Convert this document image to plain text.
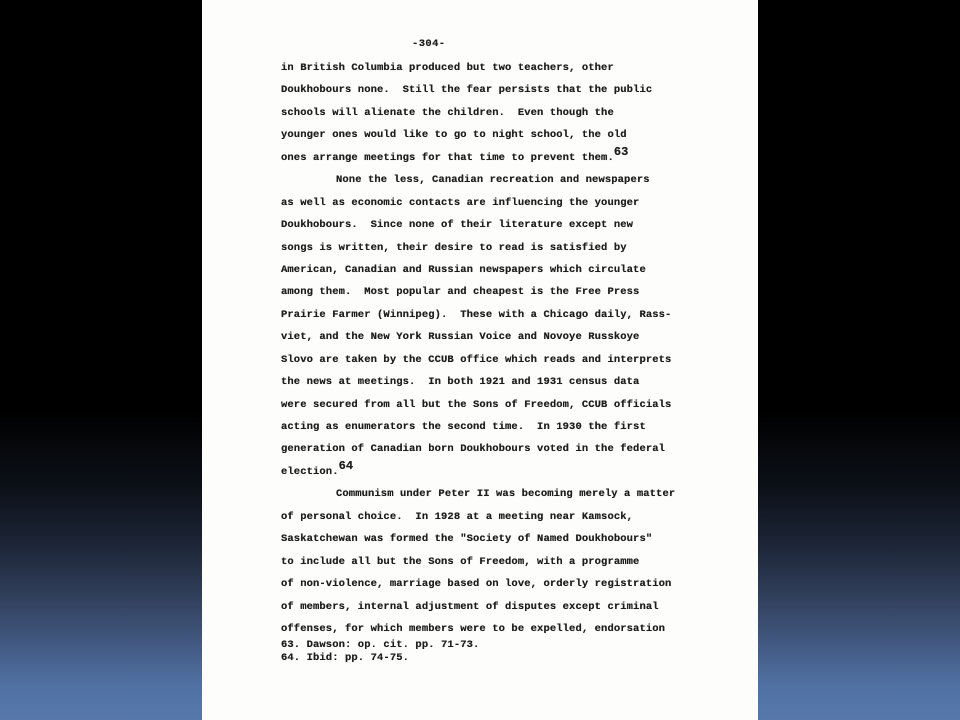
-304-
in British Columbia produced but two teachers, other
Doukhobours none.  Still the fear persists that the public
schools will alienate the children.  Even though the
younger ones would like to go to night school, the old
ones arrange meetings for that time to prevent them.63
None the less, Canadian recreation and newspapers
as well as economic contacts are influencing the younger
Doukhobours.  Since none of their literature except new
songs is written, their desire to read is satisfied by
American, Canadian and Russian newspapers which circulate
among them.  Most popular and cheapest is the Free Press
Prairie Farmer (Winnipeg).  These with a Chicago daily, Rass-
viet, and the New York Russian Voice and Novoye Russkoye
Slovo are taken by the CCUB office which reads and interprets
the news at meetings.  In both 1921 and 1931 census data
were secured from all but the Sons of Freedom, CCUB officials
acting as enumerators the second time.  In 1930 the first
generation of Canadian born Doukhobours voted in the federal
election.64
Communism under Peter II was becoming merely a matter
of personal choice.  In 1928 at a meeting near Kamsock,
Saskatchewan was formed the "Society of Named Doukhobours"
to include all but the Sons of Freedom, with a programme
of non-violence, marriage based on love, orderly registration
of members, internal adjustment of disputes except criminal
offenses, for which members were to be expelled, endorsation
63. Dawson: op. cit. pp. 71-73.
64. Ibid: pp. 74-75.
